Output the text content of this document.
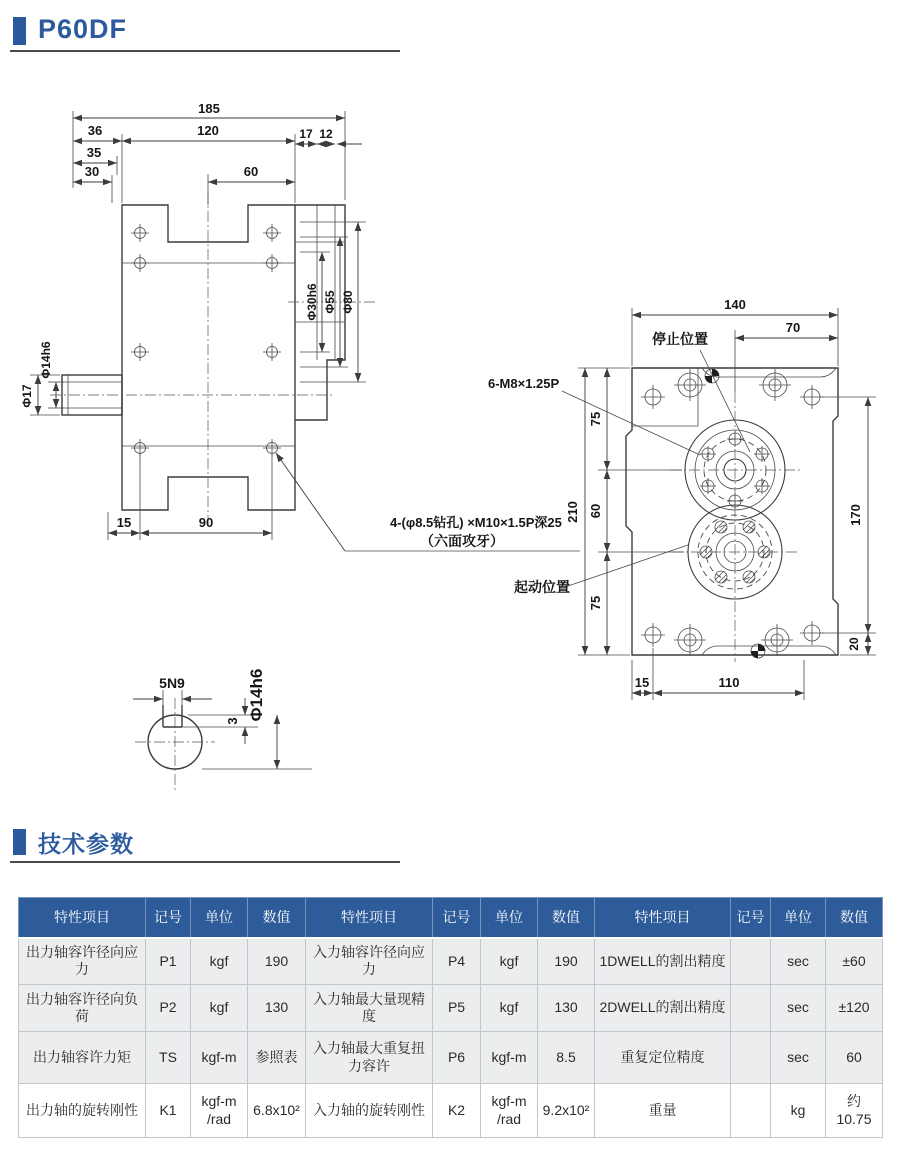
P60DF
185
36	120	17 12
35
30	60
15	90
Φ30h6 Φ55 Φ80
Φ17
Φ14h6
4-(φ8.5钻孔) ×M10×1.5P深25
（六面攻牙）
5N9
3 Φ14h6
停止位置
6-M8×1.25P
起动位置
140
70
210
75
60
75
170
20
15	110
技术参数
特性项目	记号	单位	数值	特性项目	记号	单位	数值	特性项目	记号	单位	数值
出力轴容许径向应力	P1	kgf	190	入力轴容许径向应力	P4	kgf	190	1DWELL的割出精度		sec	±60
出力轴容许径向负荷	P2	kgf	130	入力轴最大量现精度	P5	kgf	130	2DWELL的割出精度		sec	±120
出力轴容许力矩	TS	kgf-m	参照表	入力轴最大重复扭力容许	P6	kgf-m	8.5	重复定位精度		sec	60
出力轴的旋转刚性	K1	kgf-m /rad	6.8x10²	入力轴的旋转刚性	K2	kgf-m /rad	9.2x10²	重量		kg	约10.75
